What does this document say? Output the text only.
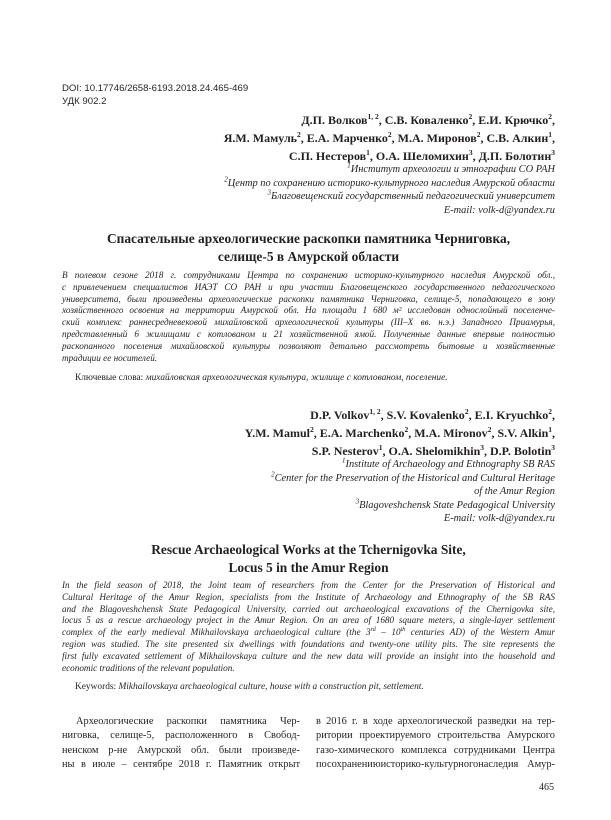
DOI: 10.17746/2658-6193.2018.24.465-469
УДК 902.2
Д.П. Волков$^{1, 2}$, С.В. Коваленко$^2$, Е.И. Крючко$^2$,
Я.М. Мамуль$^2$, Е.А. Марченко$^2$, М.А. Миронов$^2$, С.В. Алкин$^1$,
С.П. Нестеров$^1$, О.А. Шеломихин$^3$, Д.П. Болотин$^3$
$^1$Институт археологии и этнографии СО РАН
$^2$Центр по сохранению историко-культурного наследия Амурской области
$^3$Благовещенский государственный педагогический университет
E-mail: volk-d@yandex.ru
Спасательные археологические раскопки памятника Черниговка,
селище-5 в Амурской области
В полевом сезоне 2018 г. сотрудниками Центра по сохранению историко-культурного наследия Амурской обл.,
с привлечением специалистов ИАЭТ СО РАН и при участии Благовещенского государственного педагогического
университета, были произведены археологические раскопки памятника Черниговка, селище-5, попадающего в зону
хозяйственного освоения на территории Амурской обл. На площади 1 680 м² исследован однослойный поселенче-
ский комплекс раннесредневековой михайловской археологической культуры (III–X вв. н.э.) Западного Приамурья,
представленный 6 жилищами с котлованом и 21 хозяйственной ямой. Полученные данные впервые полностью
раскопанного поселения михайловской культуры позволяют детально рассмотреть бытовые и хозяйственные
традиции ее носителей.
Ключевые слова: михайловская археологическая культура, жилище с котлованом, поселение.
D.P. Volkov$^{1, 2}$, S.V. Kovalenko$^2$, E.I. Kryuchko$^2$,
Y.M. Mamul$^2$, E.A. Marchenko$^2$, M.A. Mironov$^2$, S.V. Alkin$^1$,
S.P. Nesterov$^1$, O.A. Shelomikhin$^3$, D.P. Bolotin$^3$
$^1$Institute of Archaeology and Ethnography SB RAS
$^2$Center for the Preservation of the Historical and Cultural Heritage
of the Amur Region
$^3$Blagoveshchensk State Pedagogical University
E-mail: volk-d@yandex.ru
Rescue Archaeological Works at the Tchernigovka Site,
Locus 5 in the Amur Region
In the field season of 2018, the Joint team of researchers from the Center for the Preservation of Historical and
Cultural Heritage of the Amur Region, specialists from the Institute of Archaeology and Ethnography of the SB RAS
and the Blagoveshchensk State Pedagogical University, carried out archaeological excavations of the Chernigovka site,
locus 5 as a rescue archaeology project in the Amur Region. On an area of 1680 square meters, a single-layer settlement
complex of the early medieval Mikhailovskaya archaeological culture (the 3rd – 10th centuries AD) of the Western Amur
region was studied. The site presented six dwellings with foundations and twenty-one utility pits. The site represents the
first fully excavated settlement of Mikhailovskaya culture and the new data will provide an insight into the household and
economic traditions of the relevant population.
Keywords: Mikhailovskaya archaeological culture, house with a construction pit, settlement.
Археологические раскопки памятника Чер-
ниговка, селище-5, расположенного в Свобод-
ненском р-не Амурской обл. были произведе-
ны в июле – сентябре 2018 г. Памятник открыт
в 2016 г. в ходе археологической разведки на тер-
ритории проектируемого строительства Амурского
газо-химического комплекса сотрудниками Центра
посохранениюисторико-культурногонаследия Амур-
465
